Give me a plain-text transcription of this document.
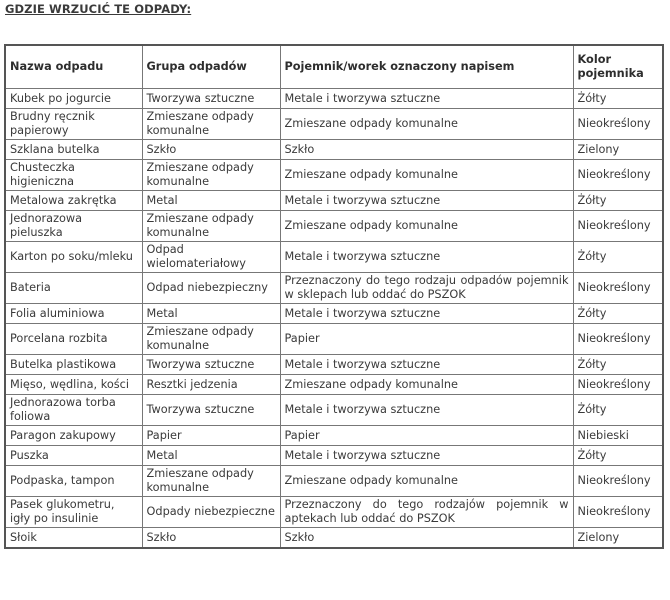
GDZIE WRZUCIĆ TE ODPADY:
Nazwa odpadu	Grupa odpadów	Pojemnik/worek oznaczony napisem	Kolor pojemnika
Kubek po jogurcie	Tworzywa sztuczne	Metale i tworzywa sztuczne	Żółty
Brudny ręcznik papierowy	Zmieszane odpady komunalne	Zmieszane odpady komunalne	Nieokreślony
Szklana butelka	Szkło	Szkło	Zielony
Chusteczka higieniczna	Zmieszane odpady komunalne	Zmieszane odpady komunalne	Nieokreślony
Metalowa zakrętka	Metal	Metale i tworzywa sztuczne	Żółty
Jednorazowa pieluszka	Zmieszane odpady komunalne	Zmieszane odpady komunalne	Nieokreślony
Karton po soku/mleku	Odpad wielomateriałowy	Metale i tworzywa sztuczne	Żółty
Bateria	Odpad niebezpieczny	Przeznaczony do tego rodzaju odpadów pojemnik w sklepach lub oddać do PSZOK	Nieokreślony
Folia aluminiowa	Metal	Metale i tworzywa sztuczne	Żółty
Porcelana rozbita	Zmieszane odpady komunalne	Papier	Nieokreślony
Butelka plastikowa	Tworzywa sztuczne	Metale i tworzywa sztuczne	Żółty
Mięso, wędlina, kości	Resztki jedzenia	Zmieszane odpady komunalne	Nieokreślony
Jednorazowa torba foliowa	Tworzywa sztuczne	Metale i tworzywa sztuczne	Żółty
Paragon zakupowy	Papier	Papier	Niebieski
Puszka	Metal	Metale i tworzywa sztuczne	Żółty
Podpaska, tampon	Zmieszane odpady komunalne	Zmieszane odpady komunalne	Nieokreślony
Pasek glukometru, igły po insulinie	Odpady niebezpieczne	Przeznaczony do tego rodzajów pojemnik w aptekach lub oddać do PSZOK	Nieokreślony
Słoik	Szkło	Szkło	Zielony
